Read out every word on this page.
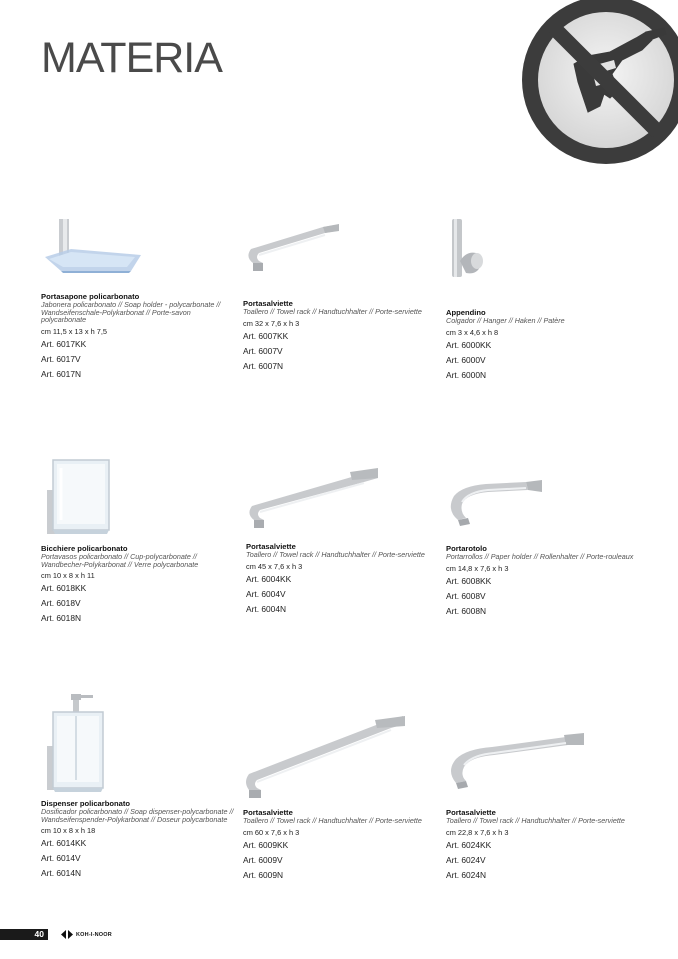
MATERIA
Portasapone policarbonato
Jabonera policarbonato // Soap holder - polycarbonate // Wandseifenschale-Polykarbonat // Porte-savon polycarbonate
cm 11,5 x 13 x h 7,5
Art. 6017KK
Art. 6017V
Art. 6017N
Portasalviette
Toallero // Towel rack // Handtuchhalter // Porte-serviette
cm 32 x 7,6 x h 3
Art. 6007KK
Art. 6007V
Art. 6007N
Appendino
Colgador // Hanger // Haken // Patère
cm 3 x 4,6 x h 8
Art. 6000KK
Art. 6000V
Art. 6000N
Bicchiere policarbonato
Portavasos policarbonato // Cup-polycarbonate // Wandbecher-Polykarbonat // Verre polycarbonate
cm 10 x 8 x h 11
Art. 6018KK
Art. 6018V
Art. 6018N
Portasalviette
Toallero // Towel rack // Handtuchhalter // Porte-serviette
cm 45 x 7,6 x h 3
Art. 6004KK
Art. 6004V
Art. 6004N
Portarotolo
Portarrollos // Paper holder // Rollenhalter // Porte-rouleaux
cm 14,8 x 7,6 x h 3
Art. 6008KK
Art. 6008V
Art. 6008N
Dispenser policarbonato
Dosificador policarbonato // Soap dispenser-polycarbonate // Wandseifenspender-Polykarbonat // Doseur polycarbonate
cm 10 x 8 x h 18
Art. 6014KK
Art. 6014V
Art. 6014N
Portasalviette
Toallero // Towel rack // Handtuchhalter // Porte-serviette
cm 60 x 7,6 x h 3
Art. 6009KK
Art. 6009V
Art. 6009N
Portasalviette
Toallero // Towel rack // Handtuchhalter // Porte-serviette
cm 22,8 x 7,6 x h 3
Art. 6024KK
Art. 6024V
Art. 6024N
40	KOH-I-NOOR
